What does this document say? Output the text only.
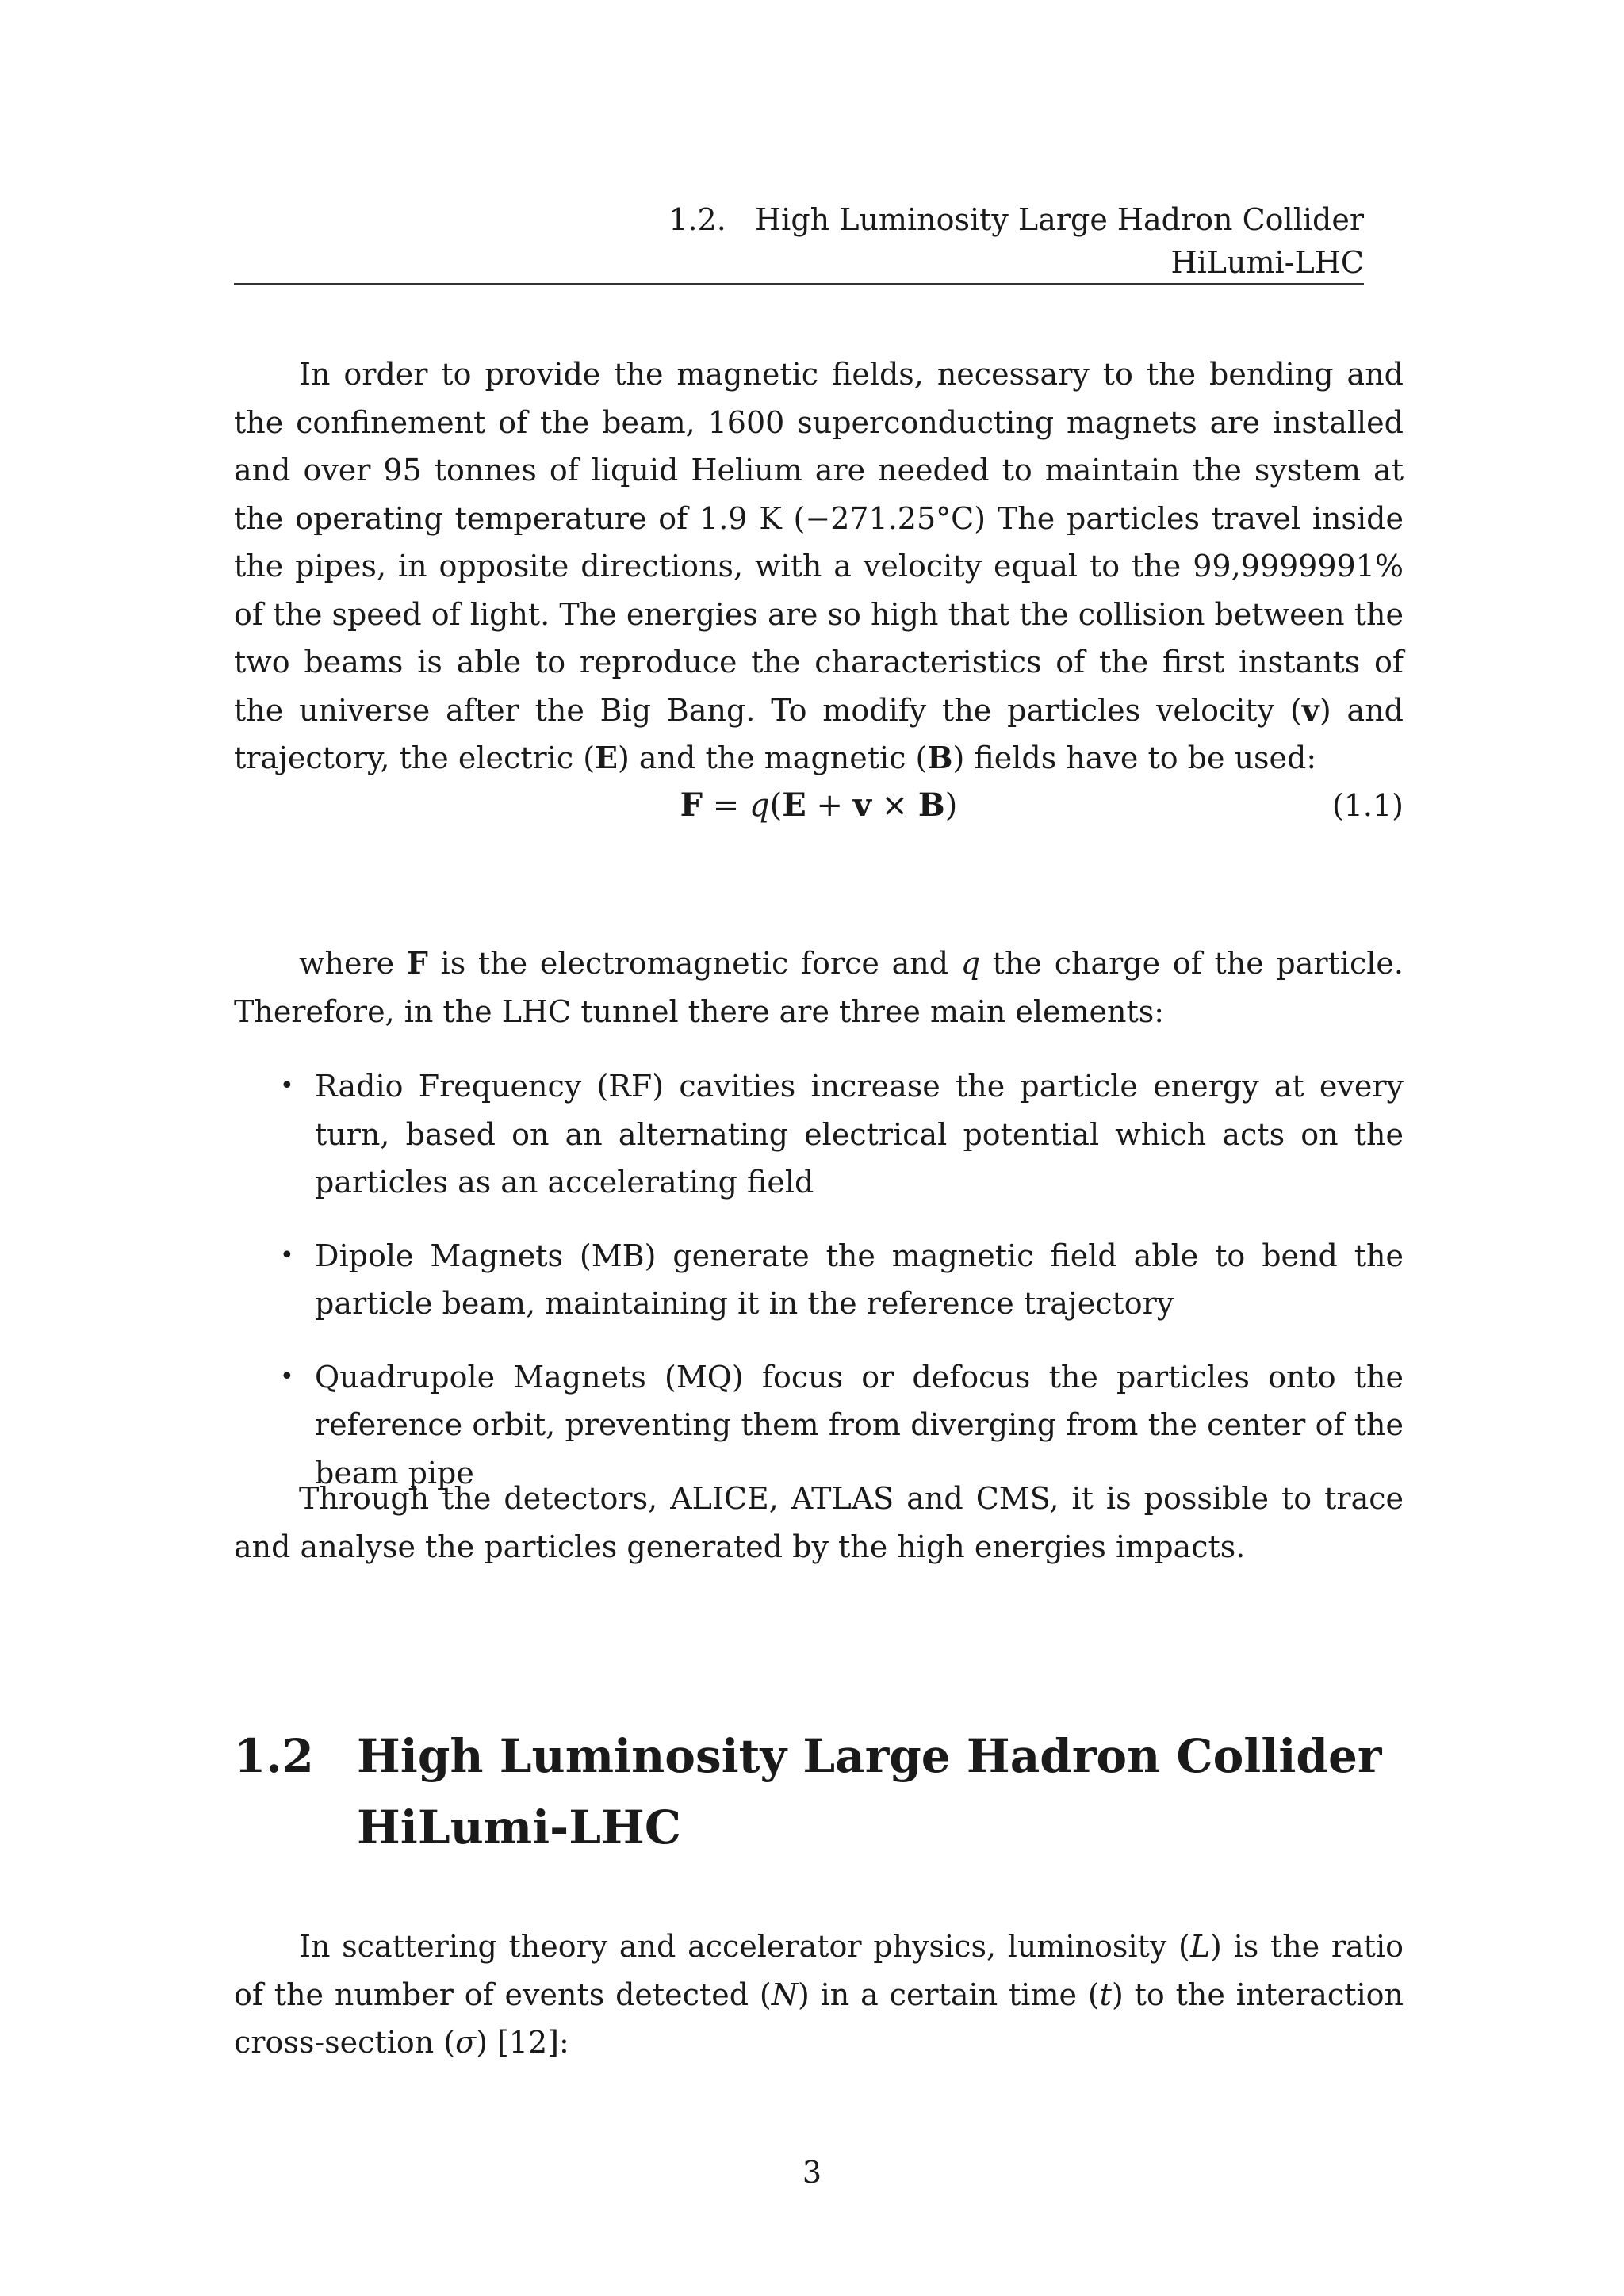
1.2.   High Luminosity Large Hadron Collider
HiLumi-LHC

In order to provide the magnetic fields, necessary to the bending and the confinement of the beam, 1600 superconducting magnets are installed and over 95 tonnes of liquid Helium are needed to maintain the system at the operating temperature of 1.9 K (−271.25°C) The particles travel inside the pipes, in opposite directions, with a velocity equal to the 99,9999991% of the speed of light. The energies are so high that the collision between the two beams is able to reproduce the characteristics of the first instants of the universe after the Big Bang. To modify the particles velocity (v) and trajectory, the electric (E) and the magnetic (B) fields have to be used:

F = q(E + v × B)	(1.1)

where F is the electromagnetic force and q the charge of the particle. Therefore, in the LHC tunnel there are three main elements:

• Radio Frequency (RF) cavities increase the particle energy at every turn, based on an alternating electrical potential which acts on the particles as an accelerating field
• Dipole Magnets (MB) generate the magnetic field able to bend the particle beam, maintaining it in the reference trajectory
• Quadrupole Magnets (MQ) focus or defocus the particles onto the reference orbit, preventing them from diverging from the center of the beam pipe

Through the detectors, ALICE, ATLAS and CMS, it is possible to trace and analyse the particles generated by the high energies impacts.

1.2 High Luminosity Large Hadron Collider HiLumi-LHC

In scattering theory and accelerator physics, luminosity (L) is the ratio of the number of events detected (N) in a certain time (t) to the interaction cross-section (σ) [12]:

3
